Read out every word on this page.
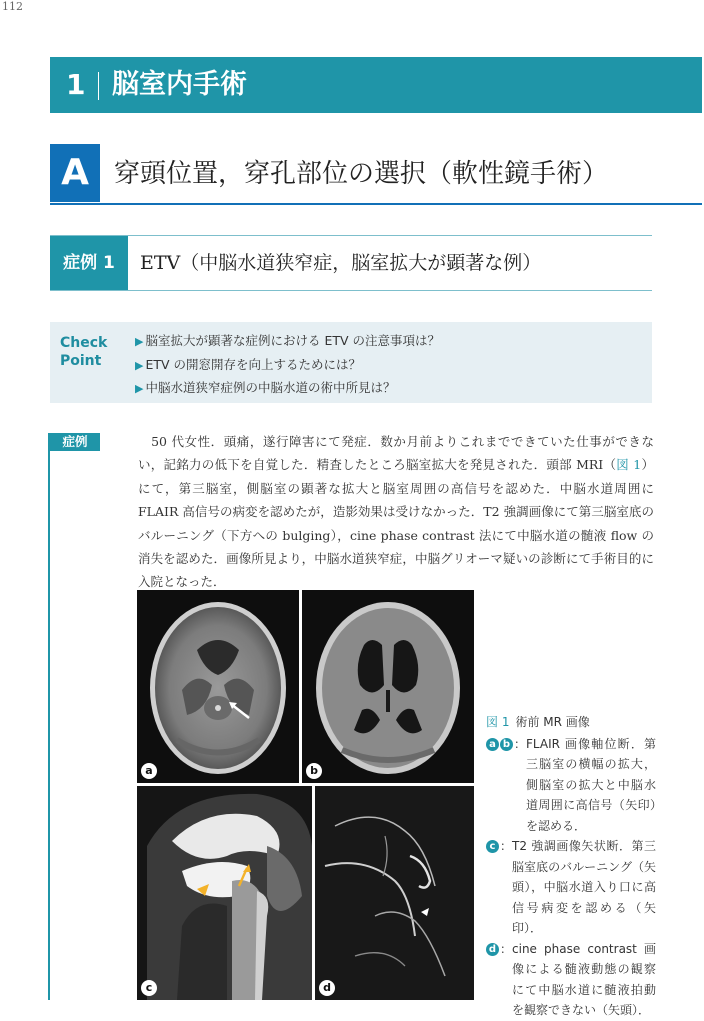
112
1 脳室内手術
A 穿頭位置，穿孔部位の選択（軟性鏡手術）
症例 1	ETV（中脳水道狭窄症，脳室拡大が顕著な例）
Check
Point
▶ 脳室拡大が顕著な症例における ETV の注意事項は？
▶ ETV の開窓開存を向上するためには？
▶ 中脳水道狭窄症例の中脳水道の術中所見は？
症例

　	50 代女性．頭痛，遂行障害にて発症．数か月前よりこれまでできていた仕事ができない，記銘力の低下を自覚した．精査したところ脳室拡大を発見された．頭部 MRI（図 1）にて，第三脳室，側脳室の顕著な拡大と脳室周囲の高信号を認めた．中脳水道周囲に FLAIR 高信号の病変を認めたが，造影効果は受けなかった．T2 強調画像にて第三脳室底のバルーニング（下方への bulging），cine phase contrast 法にて中脳水道の髄液 flow の消失を認めた．画像所見より，中脳水道狭窄症，中脳グリオーマ疑いの診断にて手術目的に入院となった．

a	b
c	d
図 1 術前 MR 画像
a b ： FLAIR 画像軸位断．第三脳室の横幅の拡大，側脳室の拡大と中脳水道周囲に高信号（矢印）を認める．
c ： T2 強調画像矢状断．第三脳室底のバルーニング（矢頭），中脳水道入り口に高信号病変を認める（矢印）．
d ： cine phase contrast 画像による髄液動態の観察にて中脳水道に髄液拍動を観察できない（矢頭）．
